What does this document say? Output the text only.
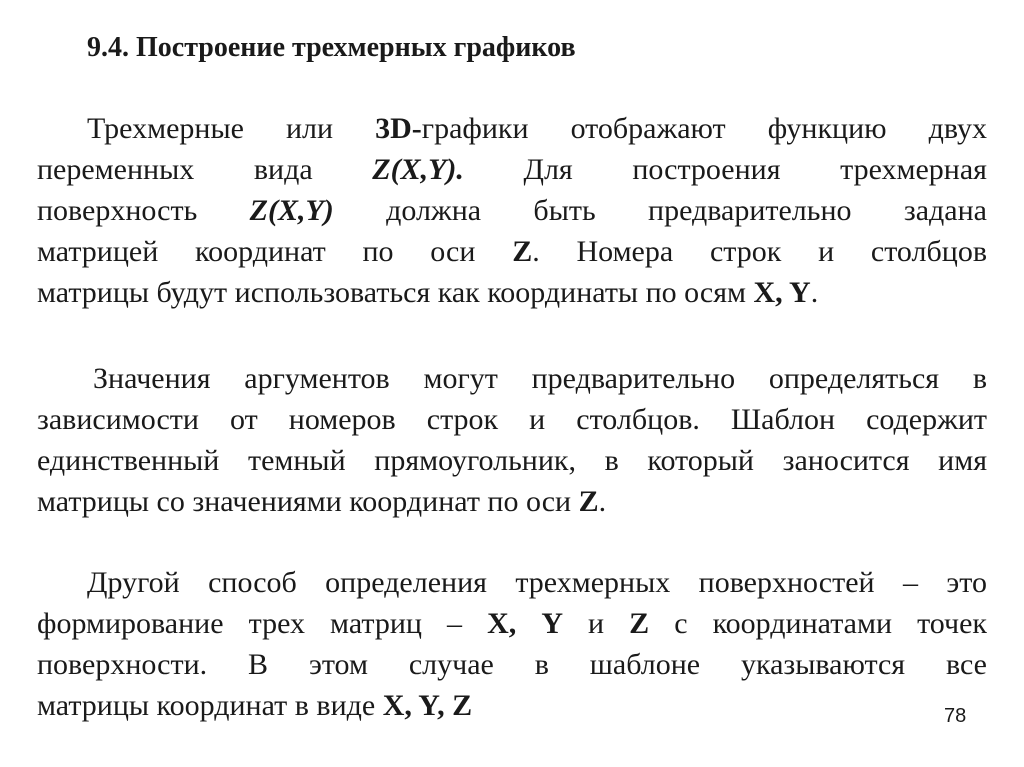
9.4. Построение трехмерных графиков
Трехмерные или 3D-графики отображают функцию двух
переменных вида Z(X,Y). Для построения трехмерная
поверхность Z(X,Y) должна быть предварительно задана
матрицей координат по оси Z. Номера строк и столбцов
матрицы будут использоваться как координаты по осям X, Y.
Значения аргументов могут предварительно определяться в
зависимости от номеров строк и столбцов. Шаблон содержит
единственный темный прямоугольник, в который заносится имя
матрицы со значениями координат по оси Z.
Другой способ определения трехмерных поверхностей – это
формирование трех матриц – X, Y и Z с координатами точек
поверхности. В этом случае в шаблоне указываются все
матрицы координат в виде X, Y, Z	78
